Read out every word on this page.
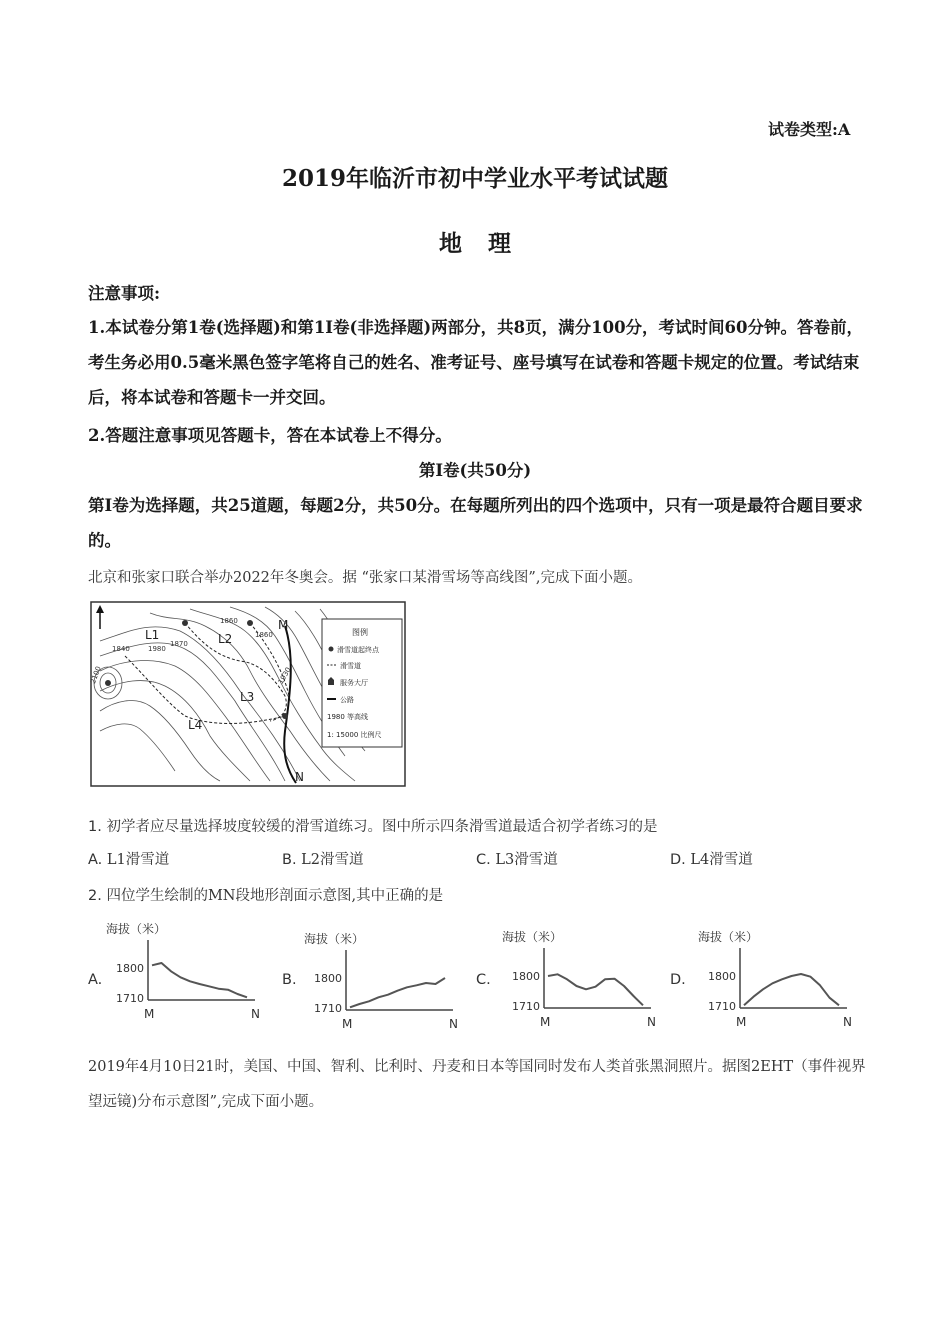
试卷类型:A
2019年临沂市初中学业水平考试试题
地理
注意事项:
1.本试卷分第1卷(选择题)和第1I卷(非选择题)两部分，共8页，满分100分，考试时间60分钟。答卷前，考生务必用0.5毫米黑色签字笔将自己的姓名、准考证号、座号填写在试卷和答题卡规定的位置。考试结束后，将本试卷和答题卡一并交回。
2.答题注意事项见答题卡，答在本试卷上不得分。
第I卷(共50分)
第I卷为选择题，共25道题，每题2分，共50分。在每题所列出的四个选项中，只有一项是最符合题目要求的。
北京和张家口联合举办2022年冬奥会。据 “张家口某滑雪场等高线图”,完成下面小题。
L1	L2
L3
L4
M
N
1860
1870
1860
1840	1980
2100	1930
图例
滑雪道起终点
滑雪道
服务大厅
公路
1980 等高线
1: 15000 比例尺
1. 初学者应尽量选择坡度较缓的滑雪道练习。图中所示四条滑雪道最适合初学者练习的是
A. L1滑雪道	B. L2滑雪道	C. L3滑雪道	D. L4滑雪道
2. 四位学生绘制的MN段地形剖面示意图,其中正确的是
A.
海拔（米）
1800
1710
M	N
B.
海拔（米）
1800
1710
M	N
C.
海拔（米）
1800
1710
M	N
D.
海拔（米）
1800
1710
M	N
2019年4月10日21时，美国、中国、智利、比利时、丹麦和日本等国同时发布人类首张黑洞照片。据图2EHT（事件视界望远镜)分布示意图”,完成下面小题。
